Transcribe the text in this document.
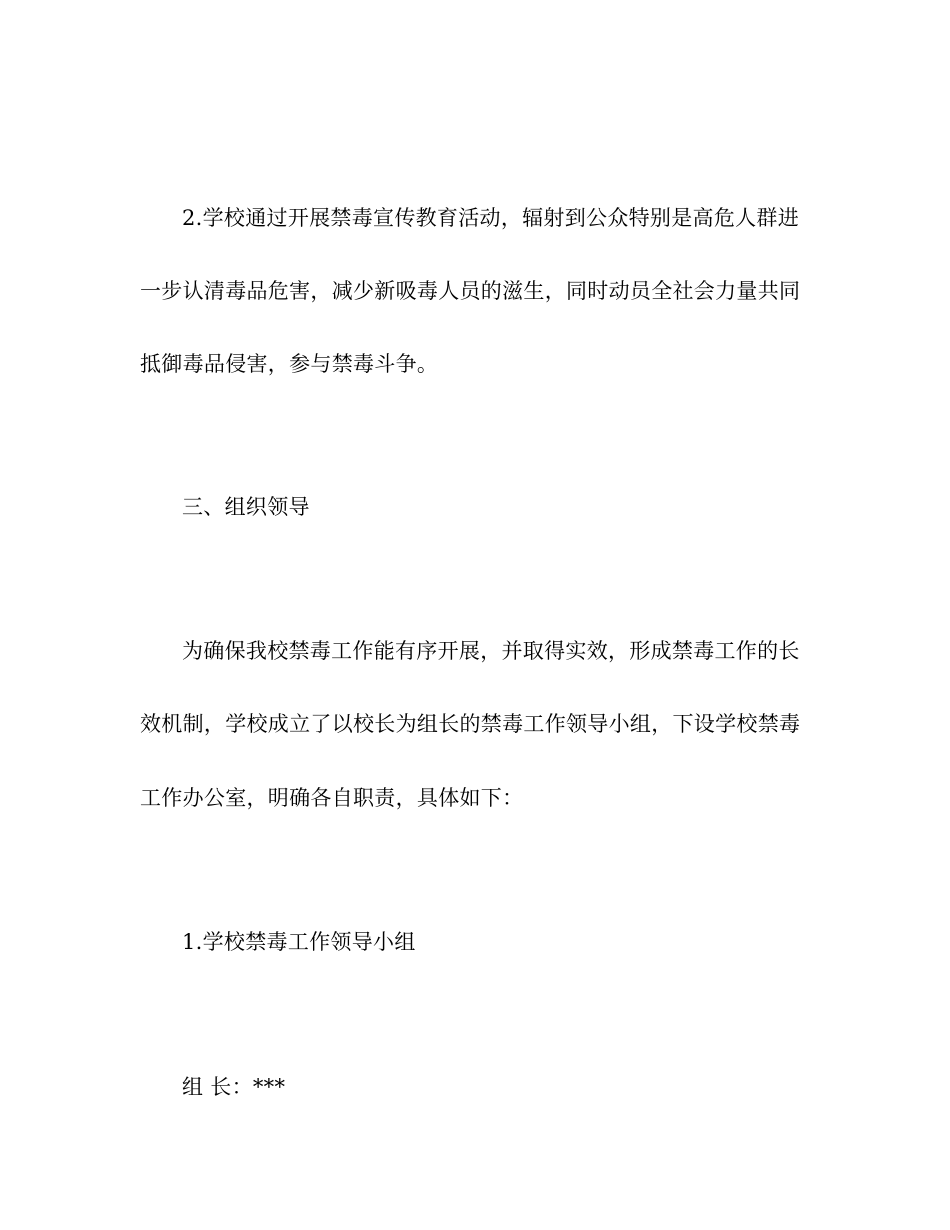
2.学校通过开展禁毒宣传教育活动，辐射到公众特别是高危人群进
一步认清毒品危害，减少新吸毒人员的滋生，同时动员全社会力量共同
抵御毒品侵害，参与禁毒斗争。
三、组织领导
为确保我校禁毒工作能有序开展，并取得实效，形成禁毒工作的长
效机制，学校成立了以校长为组长的禁毒工作领导小组，下设学校禁毒
工作办公室，明确各自职责，具体如下：
1.学校禁毒工作领导小组
组 长：***
